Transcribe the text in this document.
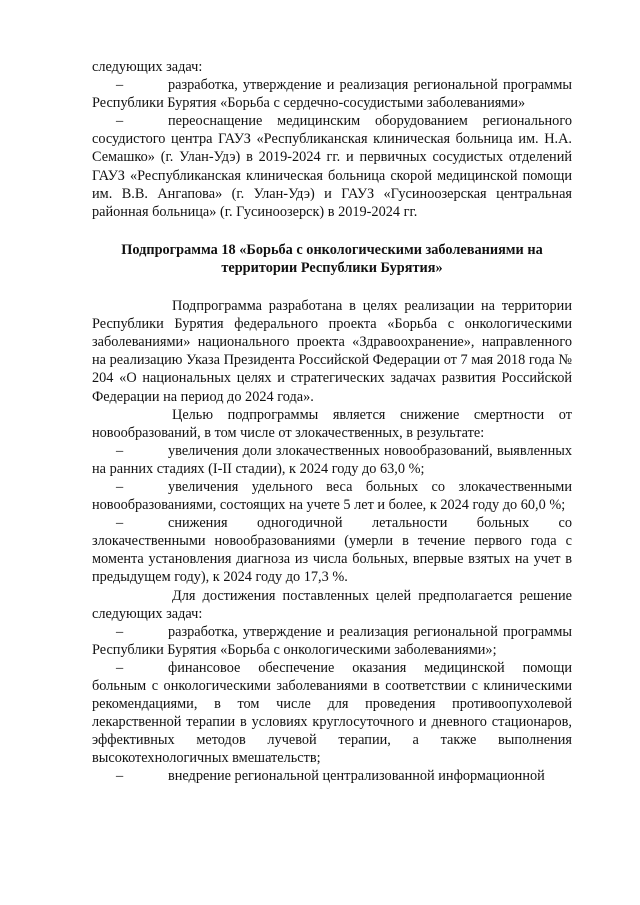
следующих задач:

–	разработка, утверждение и реализация региональной программы Республики Бурятия «Борьба с сердечно-сосудистыми заболеваниями»

–	переоснащение медицинским оборудованием регионального сосудистого центра ГАУЗ «Республиканская клиническая больница им. Н.А. Семашко» (г. Улан-Удэ) в 2019-2024 гг. и первичных сосудистых отделений ГАУЗ «Республиканская клиническая больница скорой медицинской помощи им. В.В. Ангапова» (г. Улан-Удэ) и ГАУЗ «Гусиноозерская центральная районная больница» (г. Гусиноозерск) в 2019-2024 гг.

Подпрограмма 18 «Борьба с онкологическими заболеваниями на территории Республики Бурятия»

Подпрограмма разработана в целях реализации на территории Республики Бурятия федерального проекта «Борьба с онкологическими заболеваниями» национального проекта «Здравоохранение», направленного на реализацию Указа Президента Российской Федерации от 7 мая 2018 года № 204 «О национальных целях и стратегических задачах развития Российской Федерации на период до 2024 года».

Целью подпрограммы является снижение смертности от новообразований, в том числе от злокачественных, в результате:

–	увеличения доли злокачественных новообразований, выявленных на ранних стадиях (I-II стадии), к 2024 году до 63,0 %;

–	увеличения удельного веса больных со злокачественными новообразованиями, состоящих на учете 5 лет и более, к 2024 году до 60,0 %;

–	снижения одногодичной летальности больных со злокачественными новообразованиями (умерли в течение первого года с момента установления диагноза из числа больных, впервые взятых на учет в предыдущем году), к 2024 году до 17,3 %.

Для достижения поставленных целей предполагается решение следующих задач:

–	разработка, утверждение и реализация региональной программы Республики Бурятия «Борьба с онкологическими заболеваниями»;

–	финансовое обеспечение оказания медицинской помощи больным с онкологическими заболеваниями в соответствии с клиническими рекомендациями, в том числе для проведения противоопухолевой лекарственной терапии в условиях круглосуточного и дневного стационаров, эффективных методов лучевой терапии, а также выполнения высокотехнологичных вмешательств;

–	внедрение региональной централизованной информационной
